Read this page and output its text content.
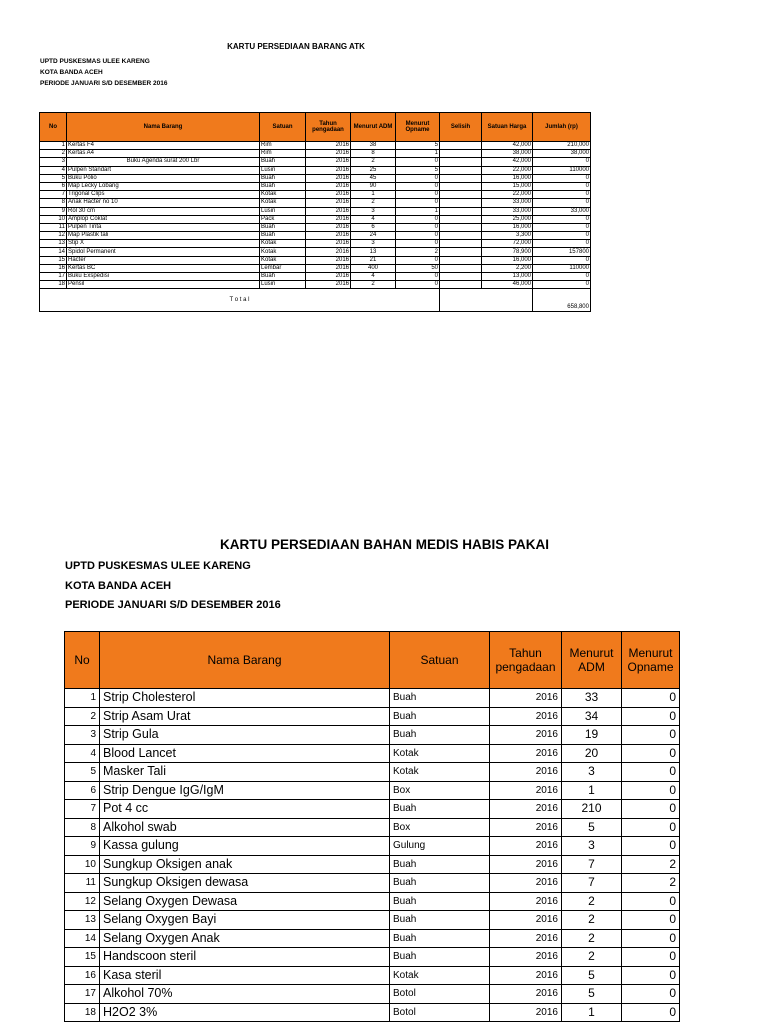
KARTU PERSEDIAAN BARANG ATK
UPTD PUSKESMAS ULEE KARENG
KOTA BANDA ACEH
PERIODE JANUARI S/D DESEMBER 2016
No	Nama Barang	Satuan	Tahun pengadaan	Menurut ADM	Menurut Opname	Selisih	Satuan Harga	Jumlah (rp)
1	Kertas F4	Rim	2016	38	5		42,000	210,000
2	Kertas A4	Rim	2016	8	1		38,000	38,000
3	Buku Agenda surat 200 Lbr	Buah	2016	2	0		42,000	0
4	Pulpen Standart	Lusin	2016	25	5		22,000	110000
5	Buku Polio	Buah	2016	45	0		16,000	0
6	Map Lecky Lobang	Buah	2016	90	0		15,000	0
7	Trigonal Clips	Kotak	2016	1	0		22,000	0
8	Anak Hacter no 10	Kotak	2016	2	0		33,000	0
9	Rol 30 cm	Lusin	2016	3	1		33,000	33,000
10	Amplop Coklat	Pack	2016	4	0		25,000	0
11	Pulpen Tinta	Buah	2016	6	0		16,000	0
12	Map Plastik tali	Buah	2016	24	0		3,300	0
13	Stip X	Kotak	2016	3	0		72,000	0
14	Spidol Permanent	Kotak	2016	13	2		78,900	157800
15	Hacter	Kotak	2016	21	0		16,000	0
16	Kertas BC	Lembar	2016	400	50		2,200	110000
17	Buku Exspedisi	Buah	2016	4	0		13,000	0
18	Pensil	Lusin	2016	2	0		46,000	0
T o t a l								658,800
KARTU PERSEDIAAN BAHAN MEDIS HABIS PAKAI
UPTD PUSKESMAS ULEE KARENG
KOTA BANDA ACEH
PERIODE JANUARI S/D DESEMBER 2016
No	Nama Barang	Satuan	Tahun pengadaan	Menurut ADM	Menurut Opname
1	Strip Cholesterol	Buah	2016	33	0
2	Strip Asam Urat	Buah	2016	34	0
3	Strip Gula	Buah	2016	19	0
4	Blood Lancet	Kotak	2016	20	0
5	Masker Tali	Kotak	2016	3	0
6	Strip Dengue IgG/IgM	Box	2016	1	0
7	Pot 4 cc	Buah	2016	210	0
8	Alkohol swab	Box	2016	5	0
9	Kassa gulung	Gulung	2016	3	0
10	Sungkup Oksigen anak	Buah	2016	7	2
11	Sungkup Oksigen dewasa	Buah	2016	7	2
12	Selang Oxygen Dewasa	Buah	2016	2	0
13	Selang Oxygen Bayi	Buah	2016	2	0
14	Selang Oxygen Anak	Buah	2016	2	0
15	Handscoon steril	Buah	2016	2	0
16	Kasa steril	Kotak	2016	5	0
17	Alkohol 70%	Botol	2016	5	0
18	H2O2 3%	Botol	2016	1	0
